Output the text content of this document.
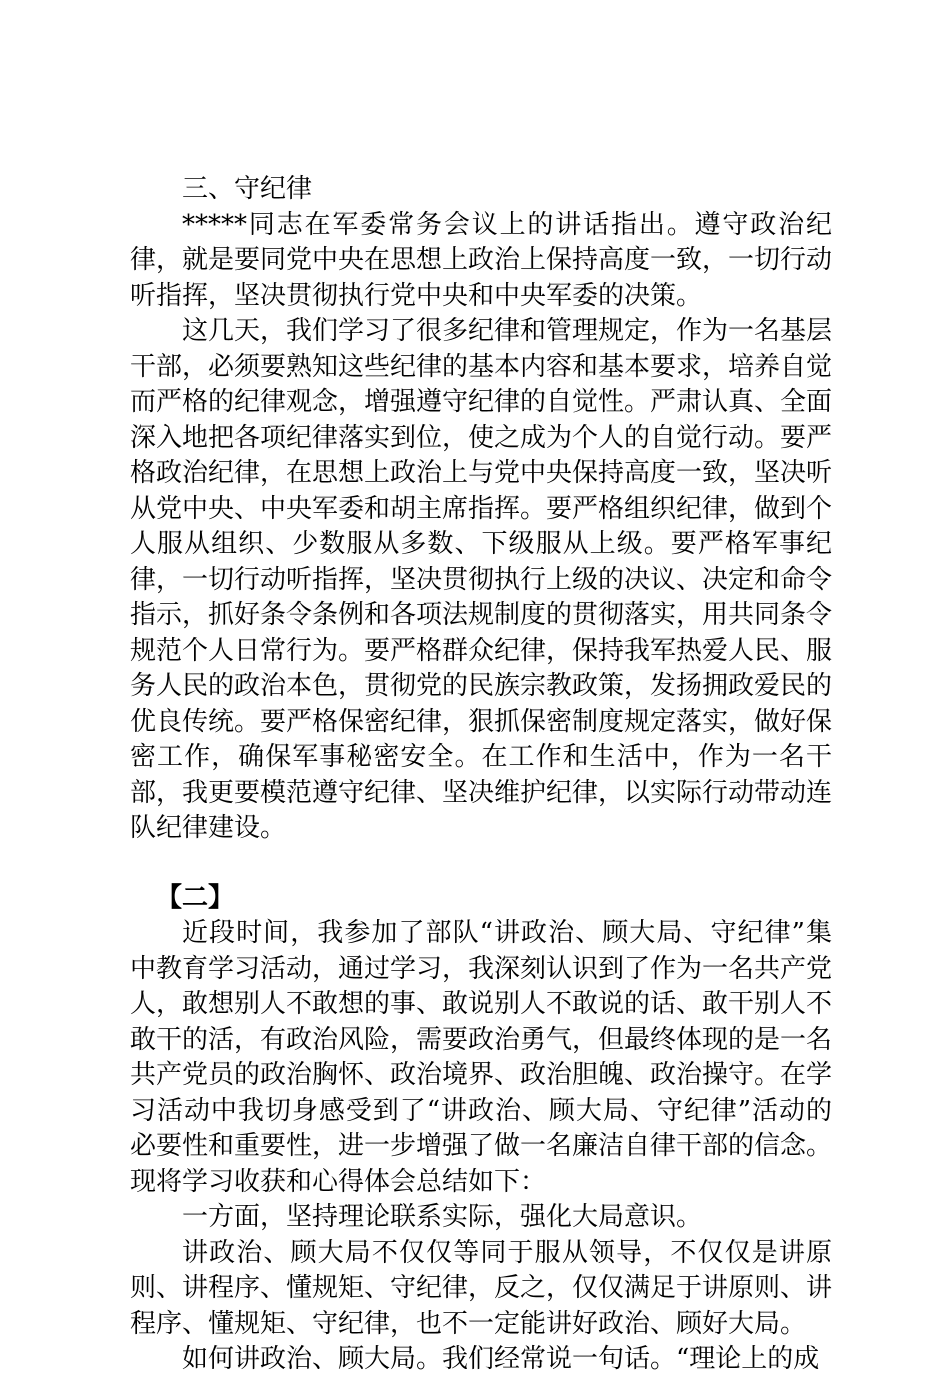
三、守纪律

*****同志在军委常务会议上的讲话指出。遵守政治纪律，就是要同党中央在思想上政治上保持高度一致，一切行动听指挥，坚决贯彻执行党中央和中央军委的决策。

这几天，我们学习了很多纪律和管理规定，作为一名基层干部，必须要熟知这些纪律的基本内容和基本要求，培养自觉而严格的纪律观念，增强遵守纪律的自觉性。严肃认真、全面深入地把各项纪律落实到位，使之成为个人的自觉行动。要严格政治纪律，在思想上政治上与党中央保持高度一致，坚决听从党中央、中央军委和胡主席指挥。要严格组织纪律，做到个人服从组织、少数服从多数、下级服从上级。要严格军事纪律，一切行动听指挥，坚决贯彻执行上级的决议、决定和命令指示，抓好条令条例和各项法规制度的贯彻落实，用共同条令规范个人日常行为。要严格群众纪律，保持我军热爱人民、服务人民的政治本色，贯彻党的民族宗教政策，发扬拥政爱民的优良传统。要严格保密纪律，狠抓保密制度规定落实，做好保密工作，确保军事秘密安全。在工作和生活中，作为一名干部，我更要模范遵守纪律、坚决维护纪律，以实际行动带动连队纪律建设。

【二】

近段时间，我参加了部队“讲政治、顾大局、守纪律”集中教育学习活动，通过学习，我深刻认识到了作为一名共产党人，敢想别人不敢想的事、敢说别人不敢说的话、敢干别人不敢干的活，有政治风险，需要政治勇气，但最终体现的是一名共产党员的政治胸怀、政治境界、政治胆魄、政治操守。在学习活动中我切身感受到了“讲政治、顾大局、守纪律”活动的必要性和重要性，进一步增强了做一名廉洁自律干部的信念。现将学习收获和心得体会总结如下：

一方面，坚持理论联系实际，强化大局意识。

讲政治、顾大局不仅仅等同于服从领导，不仅仅是讲原则、讲程序、懂规矩、守纪律，反之，仅仅满足于讲原则、讲程序、懂规矩、守纪律，也不一定能讲好政治、顾好大局。

如何讲政治、顾大局。我们经常说一句话。“理论上的成
